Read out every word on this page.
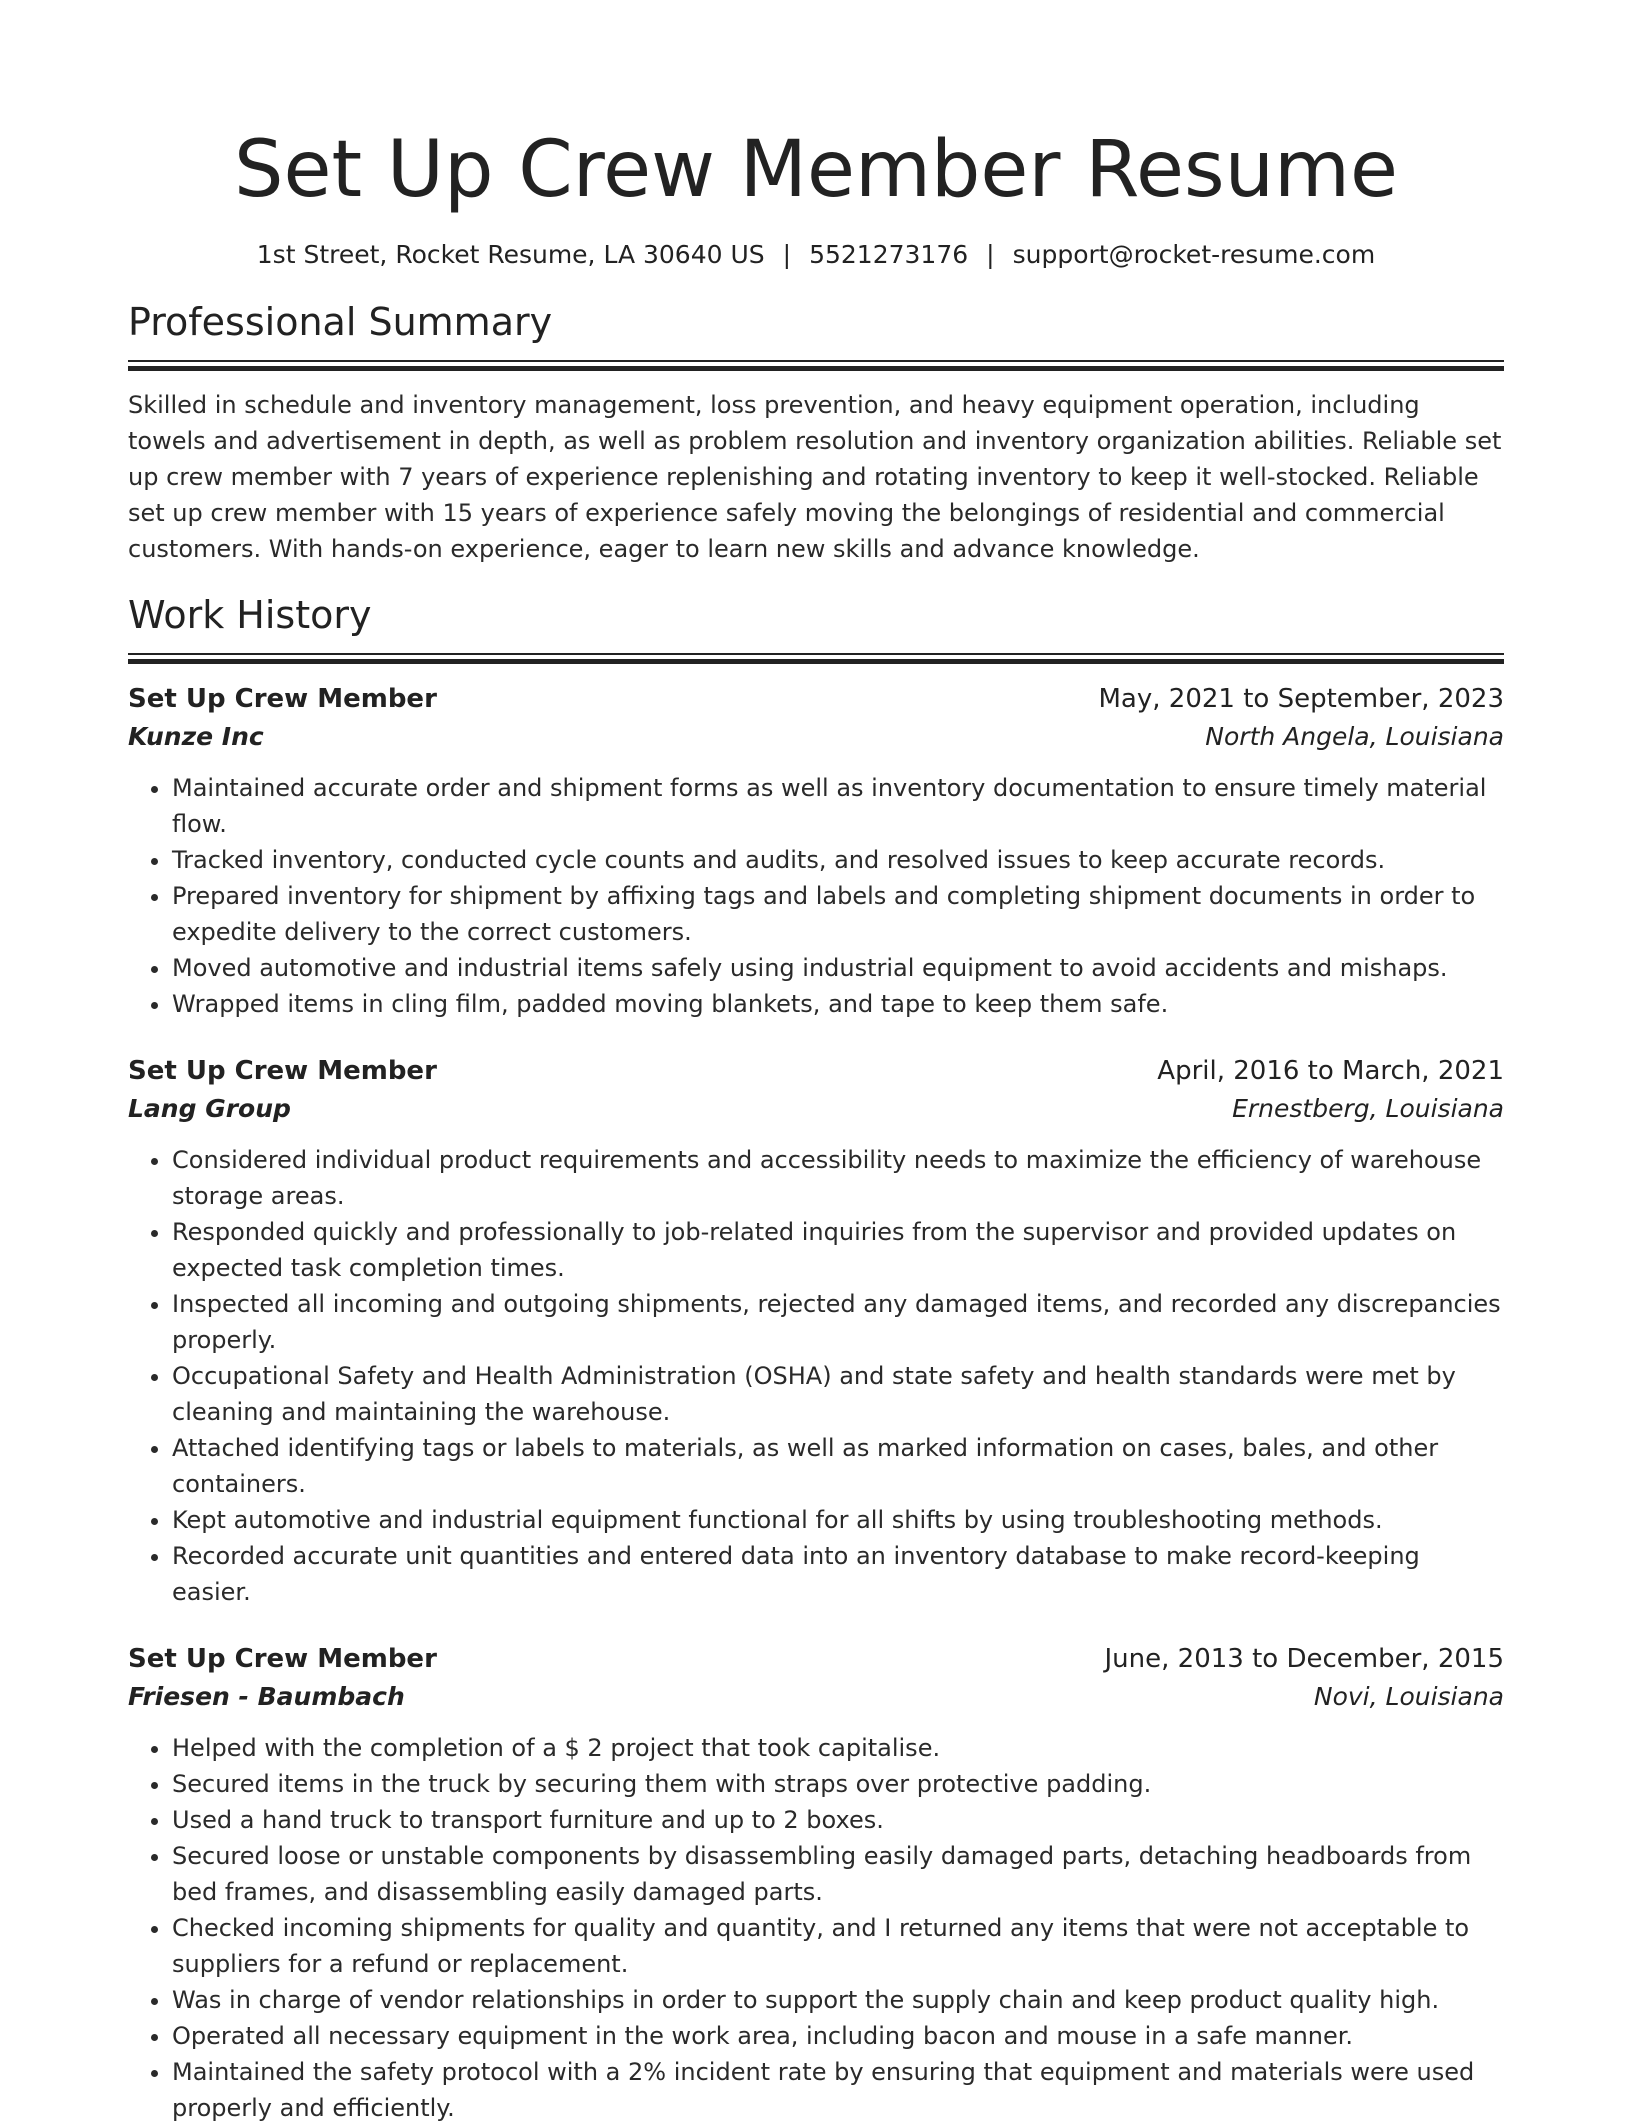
Set Up Crew Member Resume
1st Street, Rocket Resume, LA 30640 US | 5521273176 | support@rocket-resume.com
Professional Summary

Skilled in schedule and inventory management, loss prevention, and heavy equipment operation, including towels and advertisement in depth, as well as problem resolution and inventory organization abilities. Reliable set up crew member with 7 years of experience replenishing and rotating inventory to keep it well-stocked. Reliable set up crew member with 15 years of experience safely moving the belongings of residential and commercial customers. With hands-on experience, eager to learn new skills and advance knowledge.

Work History
Set Up Crew Member	May, 2021 to September, 2023
Kunze Inc	North Angela, Louisiana
• Maintained accurate order and shipment forms as well as inventory documentation to ensure timely material flow.
• Tracked inventory, conducted cycle counts and audits, and resolved issues to keep accurate records.
• Prepared inventory for shipment by affixing tags and labels and completing shipment documents in order to expedite delivery to the correct customers.
• Moved automotive and industrial items safely using industrial equipment to avoid accidents and mishaps.
• Wrapped items in cling film, padded moving blankets, and tape to keep them safe.
Set Up Crew Member	April, 2016 to March, 2021
Lang Group	Ernestberg, Louisiana
• Considered individual product requirements and accessibility needs to maximize the efficiency of warehouse storage areas.
• Responded quickly and professionally to job-related inquiries from the supervisor and provided updates on expected task completion times.
• Inspected all incoming and outgoing shipments, rejected any damaged items, and recorded any discrepancies properly.
• Occupational Safety and Health Administration (OSHA) and state safety and health standards were met by cleaning and maintaining the warehouse.
• Attached identifying tags or labels to materials, as well as marked information on cases, bales, and other containers.
• Kept automotive and industrial equipment functional for all shifts by using troubleshooting methods.
• Recorded accurate unit quantities and entered data into an inventory database to make record-keeping easier.
Set Up Crew Member	June, 2013 to December, 2015
Friesen - Baumbach	Novi, Louisiana
• Helped with the completion of a $ 2 project that took capitalise.
• Secured items in the truck by securing them with straps over protective padding.
• Used a hand truck to transport furniture and up to 2 boxes.
• Secured loose or unstable components by disassembling easily damaged parts, detaching headboards from bed frames, and disassembling easily damaged parts.
• Checked incoming shipments for quality and quantity, and I returned any items that were not acceptable to suppliers for a refund or replacement.
• Was in charge of vendor relationships in order to support the supply chain and keep product quality high.
• Operated all necessary equipment in the work area, including bacon and mouse in a safe manner.
• Maintained the safety protocol with a 2% incident rate by ensuring that equipment and materials were used properly and efficiently.
